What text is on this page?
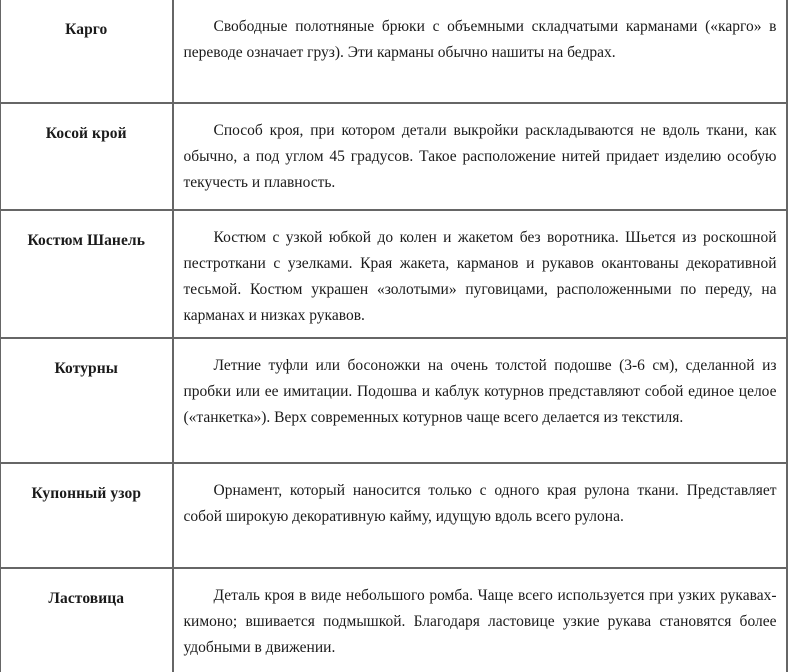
Карго	Свободные полотняные брюки с объемными складчатыми карманами («карго» в переводе означает груз). Эти карманы обычно нашиты на бедрах.

Косой крой	Способ кроя, при котором детали выкройки раскладываются не вдоль ткани, как обычно, а под углом 45 градусов. Такое расположение нитей придает изделию особую текучесть и плавность.

Костюм Шанель	Костюм с узкой юбкой до колен и жакетом без воротника. Шьется из роскошной пестроткани с узелками. Края жакета, карманов и рукавов окантованы декоративной тесьмой. Костюм украшен «золотыми» пуговицами, расположенными по переду, на карманах и низках рукавов.

Котурны	Летние туфли или босоножки на очень толстой подошве (3-6 см), сделанной из пробки или ее имитации. Подошва и каблук котурнов представляют собой единое целое («танкетка»). Верх современных котурнов чаще всего делается из текстиля.

Купонный узор	Орнамент, который наносится только с одного края рулона ткани. Представляет собой широкую декоративную кайму, идущую вдоль всего рулона.

Ластовица	Деталь кроя в виде небольшого ромба. Чаще всего используется при узких рукавах-кимоно; вшивается подмышкой. Благодаря ластовице узкие рукава становятся более удобными в движении.
